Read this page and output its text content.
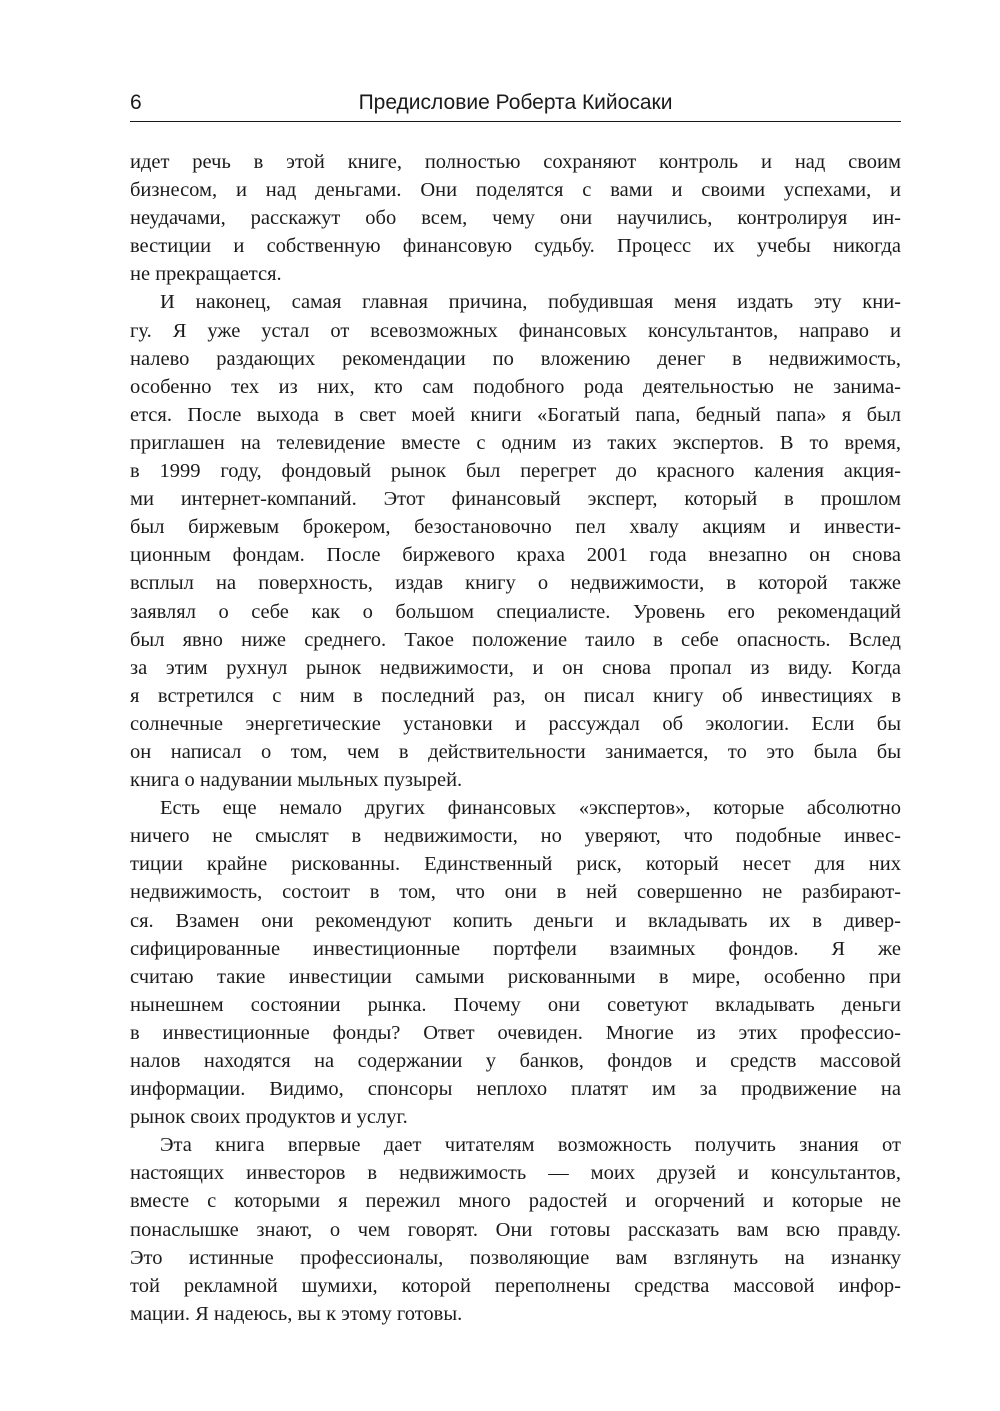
6	Предисловие Роберта Кийосаки

идет речь в этой книге, полностью сохраняют контроль и над своим
бизнесом, и над деньгами. Они поделятся с вами и своими успехами, и
неудачами, расскажут обо всем, чему они научились, контролируя ин-
вестиции и собственную финансовую судьбу. Процесс их учебы никогда
не прекращается.

И наконец, самая главная причина, побудившая меня издать эту кни-
гу. Я уже устал от всевозможных финансовых консультантов, направо и
налево раздающих рекомендации по вложению денег в недвижимость,
особенно тех из них, кто сам подобного рода деятельностью не занима-
ется. После выхода в свет моей книги «Богатый папа, бедный папа» я был
приглашен на телевидение вместе с одним из таких экспертов. В то время,
в 1999 году, фондовый рынок был перегрет до красного каления акция-
ми интернет-компаний. Этот финансовый эксперт, который в прошлом
был биржевым брокером, безостановочно пел хвалу акциям и инвести-
ционным фондам. После биржевого краха 2001 года внезапно он снова
всплыл на поверхность, издав книгу о недвижимости, в которой также
заявлял о себе как о большом специалисте. Уровень его рекомендаций
был явно ниже среднего. Такое положение таило в себе опасность. Вслед
за этим рухнул рынок недвижимости, и он снова пропал из виду. Когда
я встретился с ним в последний раз, он писал книгу об инвестициях в
солнечные энергетические установки и рассуждал об экологии. Если бы
он написал о том, чем в действительности занимается, то это была бы
книга о надувании мыльных пузырей.

Есть еще немало других финансовых «экспертов», которые абсолютно
ничего не смыслят в недвижимости, но уверяют, что подобные инвес-
тиции крайне рискованны. Единственный риск, который несет для них
недвижимость, состоит в том, что они в ней совершенно не разбирают-
ся. Взамен они рекомендуют копить деньги и вкладывать их в дивер-
сифицированные инвестиционные портфели взаимных фондов. Я же
считаю такие инвестиции самыми рискованными в мире, особенно при
нынешнем состоянии рынка. Почему они советуют вкладывать деньги
в инвестиционные фонды? Ответ очевиден. Многие из этих профессио-
налов находятся на содержании у банков, фондов и средств массовой
информации. Видимо, спонсоры неплохо платят им за продвижение на
рынок своих продуктов и услуг.

Эта книга впервые дает читателям возможность получить знания от
настоящих инвесторов в недвижимость — моих друзей и консультантов,
вместе с которыми я пережил много радостей и огорчений и которые не
понаслышке знают, о чем говорят. Они готовы рассказать вам всю правду.
Это истинные профессионалы, позволяющие вам взглянуть на изнанку
той рекламной шумихи, которой переполнены средства массовой инфор-
мации. Я надеюсь, вы к этому готовы.
